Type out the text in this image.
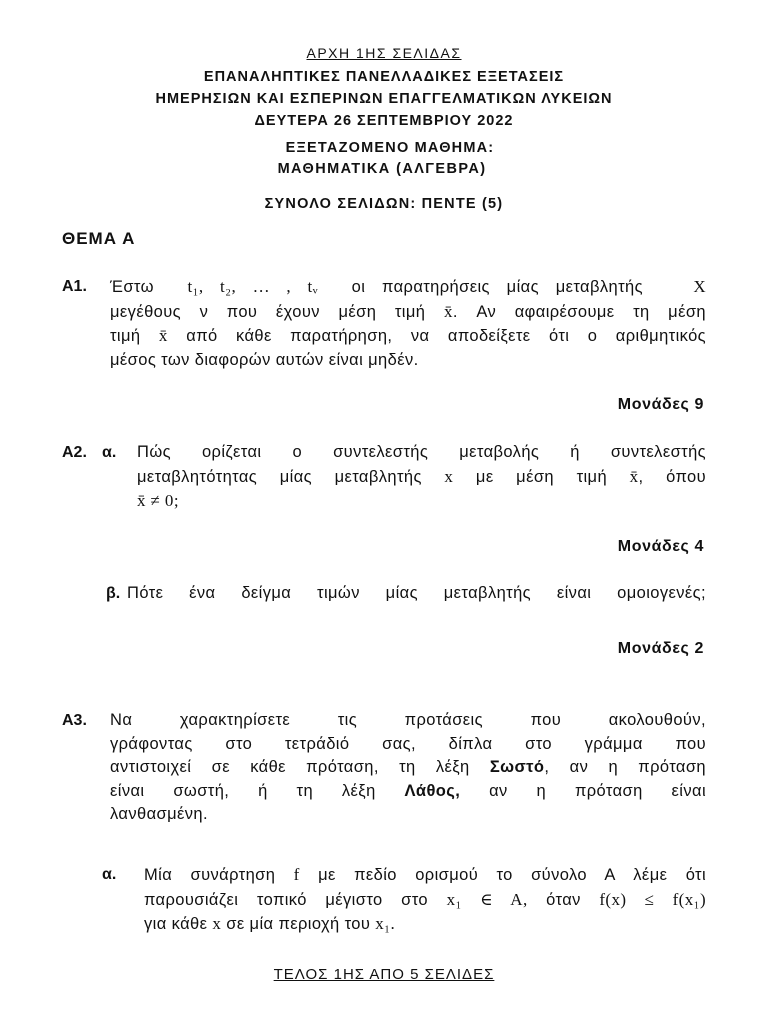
ΑΡΧΗ 1ΗΣ ΣΕΛΙΔΑΣ
ΕΠΑΝΑΛΗΠΤΙΚΕΣ ΠΑΝΕΛΛΑΔΙΚΕΣ ΕΞΕΤΑΣΕΙΣ
ΗΜΕΡΗΣΙΩΝ ΚΑΙ ΕΣΠΕΡΙΝΩΝ ΕΠΑΓΓΕΛΜΑΤΙΚΩΝ ΛΥΚΕΙΩΝ
ΔΕΥΤΕΡΑ 26 ΣΕΠΤΕΜΒΡΙΟΥ 2022
ΕΞΕΤΑΖΟΜΕΝΟ ΜΑΘΗΜΑ:
ΜΑΘΗΜΑΤΙΚΑ (ΑΛΓΕΒΡΑ)
ΣΥΝΟΛΟ ΣΕΛΙΔΩΝ: ΠΕΝΤΕ (5)
ΘΕΜΑ Α
Α1. Έστω t₁, t₂, … , tᵥ οι παρατηρήσεις μίας μεταβλητής	X
μεγέθους ν που έχουν μέση τιμή x̄. Αν αφαιρέσουμε τη μέση
τιμή x̄ από κάθε παρατήρηση, να αποδείξετε ότι ο αριθμητικός
μέσος των διαφορών αυτών είναι μηδέν.
Μονάδες 9
Α2. α. Πώς ορίζεται ο συντελεστής μεταβολής ή συντελεστής
μεταβλητότητας μίας μεταβλητής x με μέση τιμή x̄, όπου
x̄ ≠ 0;
Μονάδες 4
β. Πότε ένα δείγμα τιμών μίας μεταβλητής είναι ομοιογενές;
Μονάδες 2
Α3. Να χαρακτηρίσετε τις προτάσεις που ακολουθούν,
γράφοντας στο τετράδιό σας, δίπλα στο γράμμα που
αντιστοιχεί σε κάθε πρόταση, τη λέξη Σωστό, αν η πρόταση
είναι σωστή, ή τη λέξη Λάθος, αν η πρόταση είναι
λανθασμένη.
α. Μία συνάρτηση f με πεδίο ορισμού το σύνολο Α λέμε ότι
παρουσιάζει τοπικό μέγιστο στο x₁ ∈ A, όταν f(x) ≤ f(x₁)
για κάθε x σε μία περιοχή του x₁.
ΤΕΛΟΣ 1ΗΣ ΑΠΟ 5 ΣΕΛΙΔΕΣ
